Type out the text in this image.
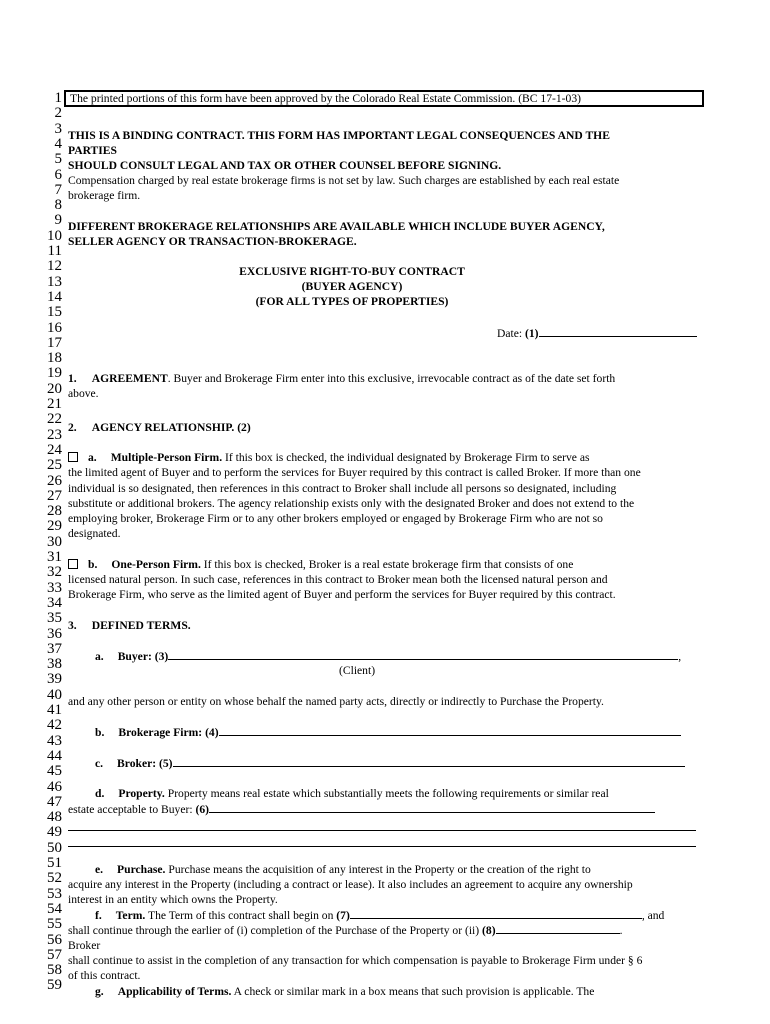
1
2
3
4
5
6
7
8
9
10
11
12
13
14
15
16
17
18
19
20
21
22
23
24
25
26
27
28
29
30
31
32
33
34
35
36
37
38
39
40
41
42
43
44
45
46
47
48
49
50
51
52
53
54
55
56
57
58
59
The printed portions of this form have been approved by the Colorado Real Estate Commission. (BC 17-1-03)
THIS IS A BINDING CONTRACT. THIS FORM HAS IMPORTANT LEGAL CONSEQUENCES AND THE
PARTIES
SHOULD CONSULT LEGAL AND TAX OR OTHER COUNSEL BEFORE SIGNING.
Compensation charged by real estate brokerage firms is not set by law. Such charges are established by each real estate
brokerage firm.
DIFFERENT BROKERAGE RELATIONSHIPS ARE AVAILABLE WHICH INCLUDE BUYER AGENCY,
SELLER AGENCY OR TRANSACTION-BROKERAGE.
EXCLUSIVE RIGHT-TO-BUY CONTRACT
(BUYER AGENCY)
(FOR ALL TYPES OF PROPERTIES)
Date: (1)
1. AGREEMENT. Buyer and Brokerage Firm enter into this exclusive, irrevocable contract as of the date set forth
above.
2. AGENCY RELATIONSHIP. (2)
a. Multiple-Person Firm. If this box is checked, the individual designated by Brokerage Firm to serve as
the limited agent of Buyer and to perform the services for Buyer required by this contract is called Broker. If more than one
individual is so designated, then references in this contract to Broker shall include all persons so designated, including
substitute or additional brokers. The agency relationship exists only with the designated Broker and does not extend to the
employing broker, Brokerage Firm or to any other brokers employed or engaged by Brokerage Firm who are not so
designated.
b. One-Person Firm. If this box is checked, Broker is a real estate brokerage firm that consists of one
licensed natural person. In such case, references in this contract to Broker mean both the licensed natural person and
Brokerage Firm, who serve as the limited agent of Buyer and perform the services for Buyer required by this contract.
3. DEFINED TERMS.
a. Buyer: (3)	,
(Client)
and any other person or entity on whose behalf the named party acts, directly or indirectly to Purchase the Property.
b. Brokerage Firm: (4)
c. Broker: (5)
d. Property. Property means real estate which substantially meets the following requirements or similar real
estate acceptable to Buyer: (6)
e. Purchase. Purchase means the acquisition of any interest in the Property or the creation of the right to
acquire any interest in the Property (including a contract or lease). It also includes an agreement to acquire any ownership
interest in an entity which owns the Property.
f. Term. The Term of this contract shall begin on (7)	, and
shall continue through the earlier of (i) completion of the Purchase of the Property or (ii) (8)	.
Broker
shall continue to assist in the completion of any transaction for which compensation is payable to Brokerage Firm under § 6
of this contract.
g. Applicability of Terms. A check or similar mark in a box means that such provision is applicable. The
